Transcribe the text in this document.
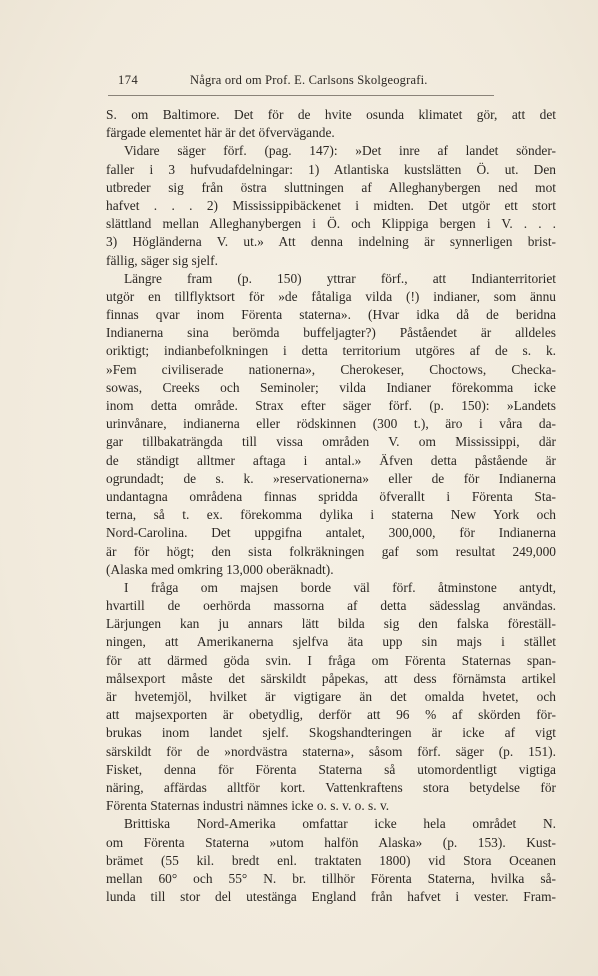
174	Några ord om Prof. E. Carlsons Skolgeografi.
S. om Baltimore. Det för de hvite osunda klimatet gör, att det
färgade elementet här är det öfvervägande.
Vidare säger förf. (pag. 147): »Det inre af landet sönder-
faller i 3 hufvudafdelningar: 1) Atlantiska kustslätten Ö. ut. Den
utbreder sig från östra sluttningen af Alleghanybergen ned mot
hafvet . . . 2) Mississippibäckenet i midten. Det utgör ett stort
slättland mellan Alleghanybergen i Ö. och Klippiga bergen i V. . . .
3) Högländerna V. ut.» Att denna indelning är synnerligen brist-
fällig, säger sig sjelf.
Längre fram (p. 150) yttrar förf., att Indianterritoriet
utgör en tillflyktsort för »de fåtaliga vilda (!) indianer, som ännu
finnas qvar inom Förenta staterna». (Hvar idka då de beridna
Indianerna sina berömda buffeljagter?) Påståendet är alldeles
oriktigt; indianbefolkningen i detta territorium utgöres af de s. k.
»Fem civiliserade nationerna», Cherokeser, Choctows, Checka-
sowas, Creeks och Seminoler; vilda Indianer förekomma icke
inom detta område. Strax efter säger förf. (p. 150): »Landets
urinvånare, indianerna eller rödskinnen (300 t.), äro i våra da-
gar tillbakaträngda till vissa områden V. om Mississippi, där
de ständigt alltmer aftaga i antal.» Äfven detta påstående är
ogrundadt; de s. k. »reservationerna» eller de för Indianerna
undantagna områdena finnas spridda öfverallt i Förenta Sta-
terna, så t. ex. förekomma dylika i staterna New York och
Nord-Carolina. Det uppgifna antalet, 300,000, för Indianerna
är för högt; den sista folkräkningen gaf som resultat 249,000
(Alaska med omkring 13,000 oberäknadt).
I fråga om majsen borde väl förf. åtminstone antydt,
hvartill de oerhörda massorna af detta sädesslag användas.
Lärjungen kan ju annars lätt bilda sig den falska föreställ-
ningen, att Amerikanerna sjelfva äta upp sin majs i stället
för att därmed göda svin. I fråga om Förenta Staternas span-
målsexport måste det särskildt påpekas, att dess förnämsta artikel
är hvetemjöl, hvilket är vigtigare än det omalda hvetet, och
att majsexporten är obetydlig, derför att 96 % af skörden för-
brukas inom landet sjelf. Skogshandteringen är icke af vigt
särskildt för de »nordvästra staterna», såsom förf. säger (p. 151).
Fisket, denna för Förenta Staterna så utomordentligt vigtiga
näring, affärdas alltför kort. Vattenkraftens stora betydelse för
Förenta Staternas industri nämnes icke o. s. v. o. s. v.
Brittiska Nord-Amerika omfattar icke hela området N.
om Förenta Staterna »utom halfön Alaska» (p. 153). Kust-
brämet (55 kil. bredt enl. traktaten 1800) vid Stora Oceanen
mellan 60° och 55° N. br. tillhör Förenta Staterna, hvilka så-
lunda till stor del utestänga England från hafvet i vester. Fram-
